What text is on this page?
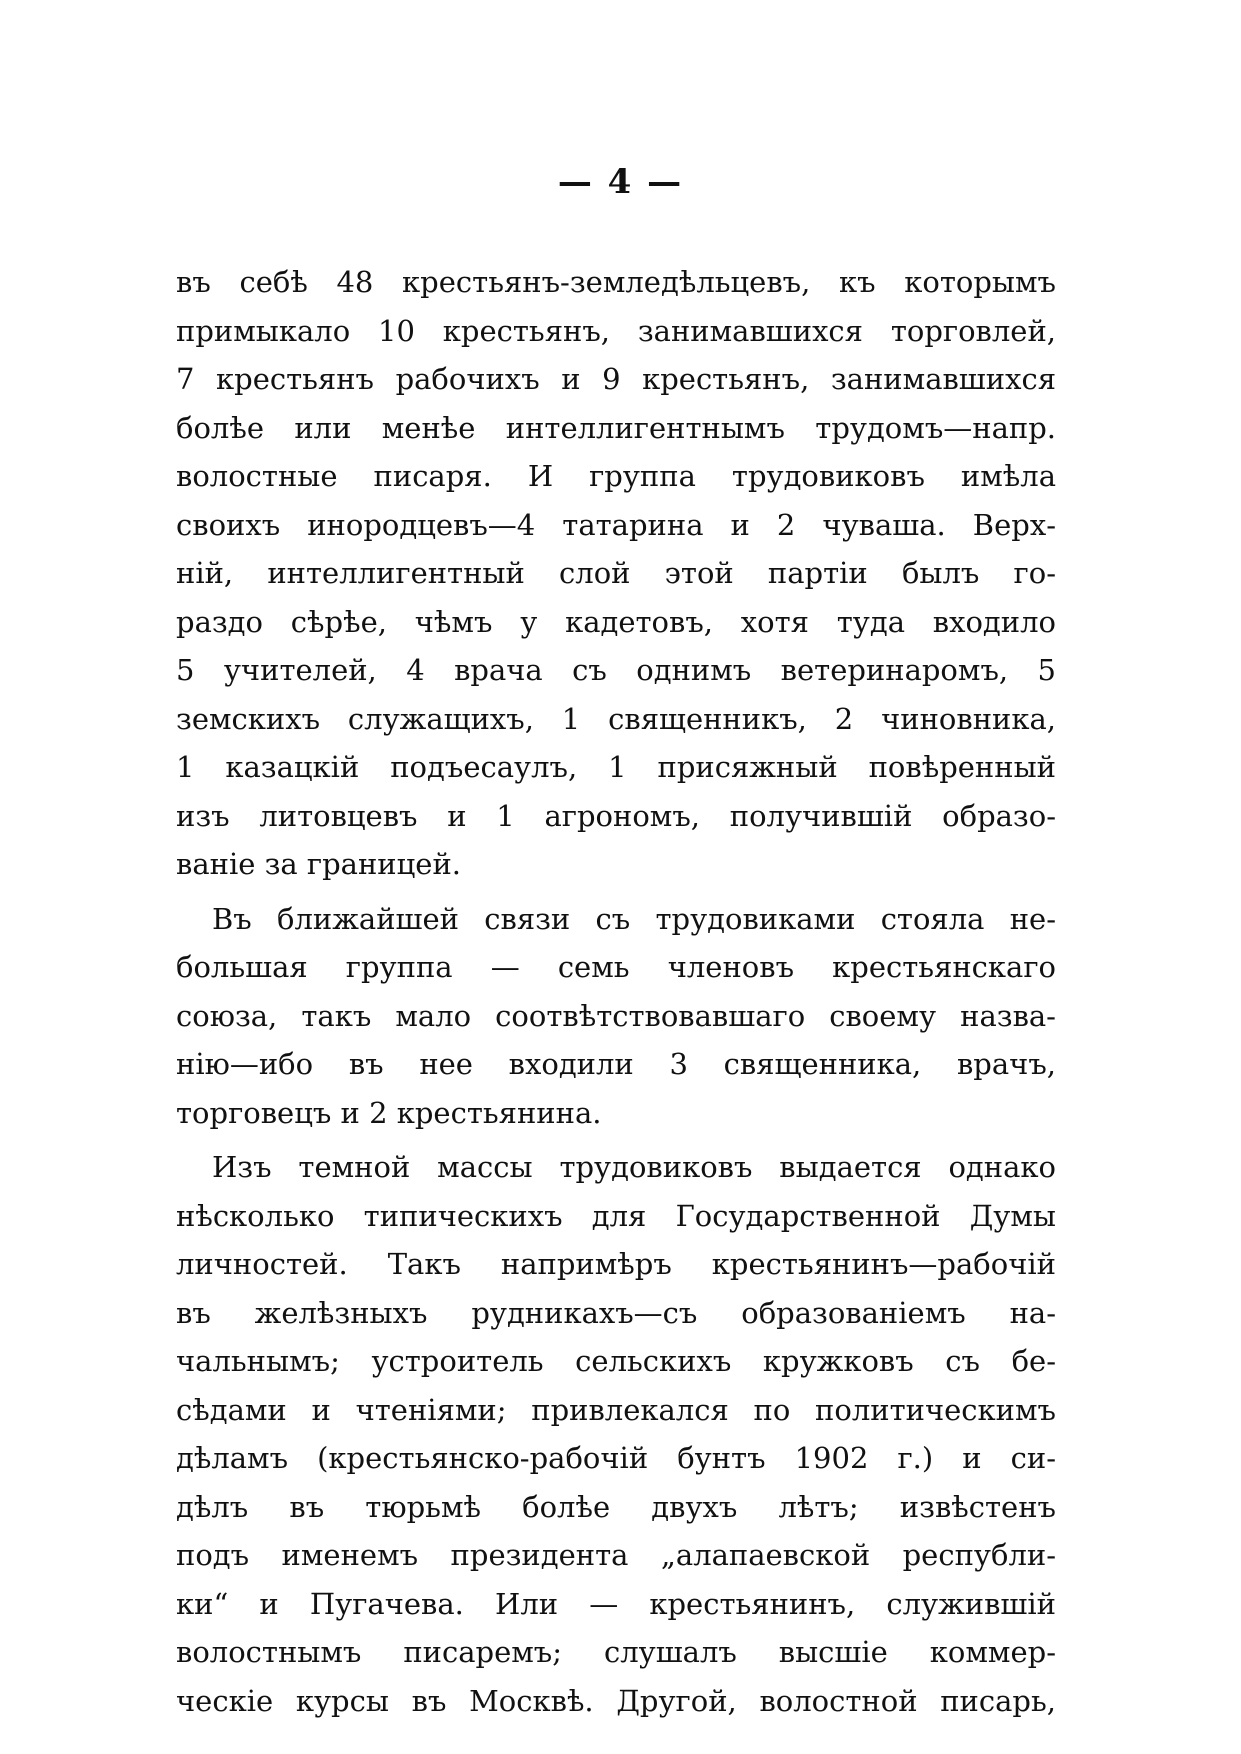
— 4 —
въ себѣ 48 крестьянъ-земледѣльцевъ, къ которымъ
примыкало 10 крестьянъ, занимавшихся торговлей,
7 крестьянъ рабочихъ и 9 крестьянъ, занимавшихся
болѣе или менѣе интеллигентнымъ трудомъ—напр.
волостные писаря. И группа трудовиковъ имѣла
своихъ инородцевъ—4 татарина и 2 чуваша. Верх-
ній, интеллигентный слой этой партіи былъ го-
раздо сѣрѣе, чѣмъ у кадетовъ, хотя туда входило
5 учителей, 4 врача съ однимъ ветеринаромъ, 5
земскихъ служащихъ, 1 священникъ, 2 чиновника,
1 казацкій подъесаулъ, 1 присяжный повѣренный
изъ литовцевъ и 1 агрономъ, получившій образо-
ваніе за границей.
Въ ближайшей связи съ трудовиками стояла не-
большая группа — семь членовъ крестьянскаго
союза, такъ мало соотвѣтствовавшаго своему назва-
нію—ибо въ нее входили 3 священника, врачъ,
торговецъ и 2 крестьянина.
Изъ темной массы трудовиковъ выдается однако
нѣсколько типическихъ для Государственной Думы
личностей. Такъ напримѣръ крестьянинъ—рабочій
въ желѣзныхъ рудникахъ—съ образованіемъ на-
чальнымъ; устроитель сельскихъ кружковъ съ бе-
сѣдами и чтеніями; привлекался по политическимъ
дѣламъ (крестьянско-рабочій бунтъ 1902 г.) и си-
дѣлъ въ тюрьмѣ болѣе двухъ лѣтъ; извѣстенъ
подъ именемъ президента „алапаевской республи-
ки“ и Пугачева. Или — крестьянинъ, служившій
волостнымъ писаремъ; слушалъ высшіе коммер-
ческіе курсы въ Москвѣ. Другой, волостной писарь,
